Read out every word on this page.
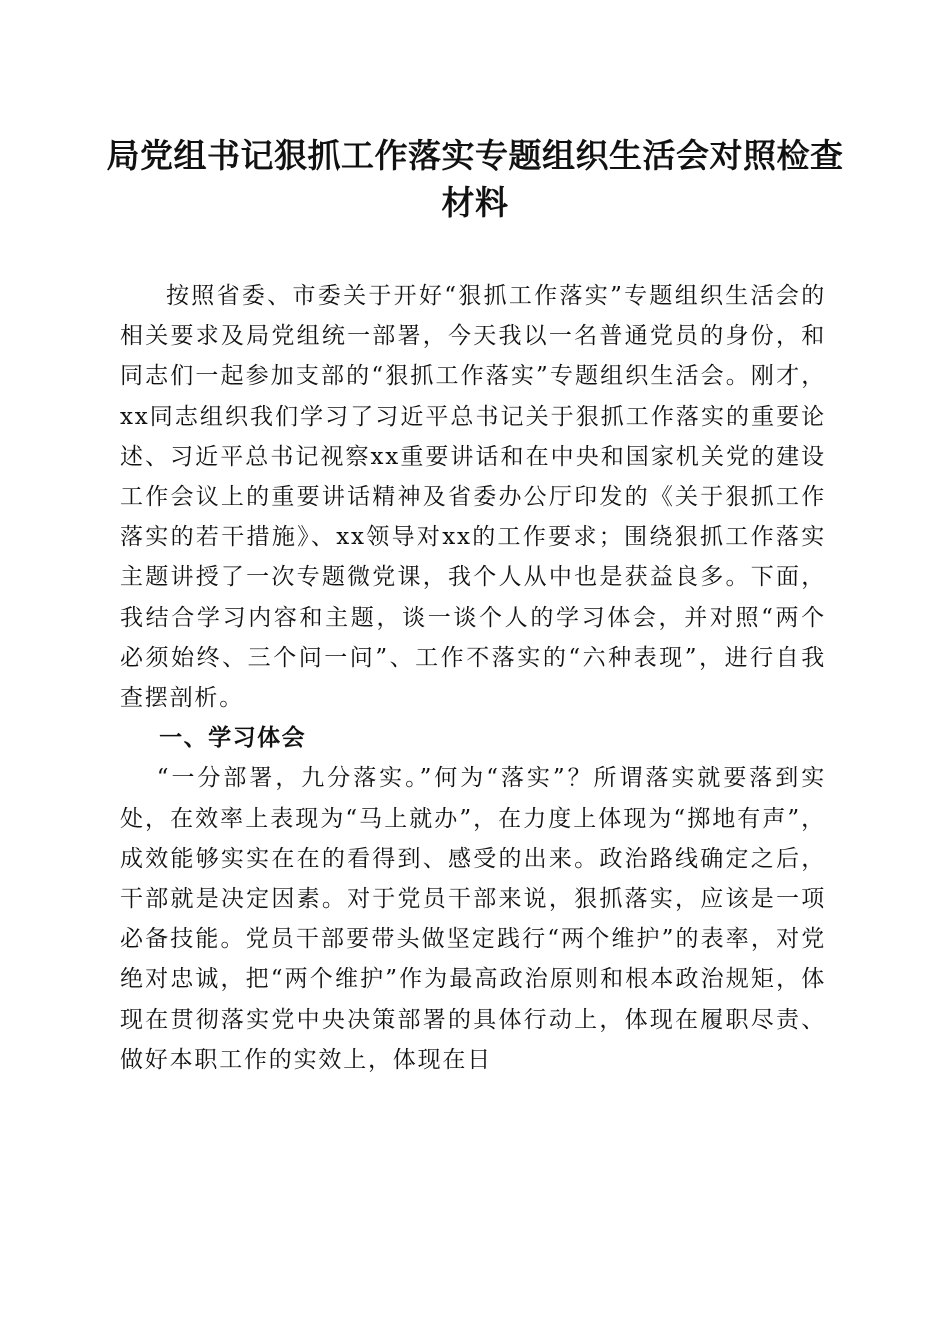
局党组书记狠抓工作落实专题组织生活会对照检查材料

按照省委、市委关于开好“狠抓工作落实”专题组织生活会的相关要求及局党组统一部署，今天我以一名普通党员的身份，和同志们一起参加支部的“狠抓工作落实”专题组织生活会。刚才，xx同志组织我们学习了习近平总书记关于狠抓工作落实的重要论述、习近平总书记视察xx重要讲话和在中央和国家机关党的建设工作会议上的重要讲话精神及省委办公厅印发的《关于狠抓工作落实的若干措施》、xx领导对xx的工作要求；围绕狠抓工作落实主题讲授了一次专题微党课，我个人从中也是获益良多。下面，我结合学习内容和主题，谈一谈个人的学习体会，并对照“两个必须始终、三个问一问”、工作不落实的“六种表现”，进行自我查摆剖析。

一、学习体会

“一分部署，九分落实。”何为“落实”？所谓落实就要落到实处，在效率上表现为“马上就办”，在力度上体现为“掷地有声”，成效能够实实在在的看得到、感受的出来。政治路线确定之后，干部就是决定因素。对于党员干部来说，狠抓落实，应该是一项必备技能。党员干部要带头做坚定践行“两个维护”的表率，对党绝对忠诚，把“两个维护”作为最高政治原则和根本政治规矩，体现在贯彻落实党中央决策部署的具体行动上，体现在履职尽责、做好本职工作的实效上，体现在日
